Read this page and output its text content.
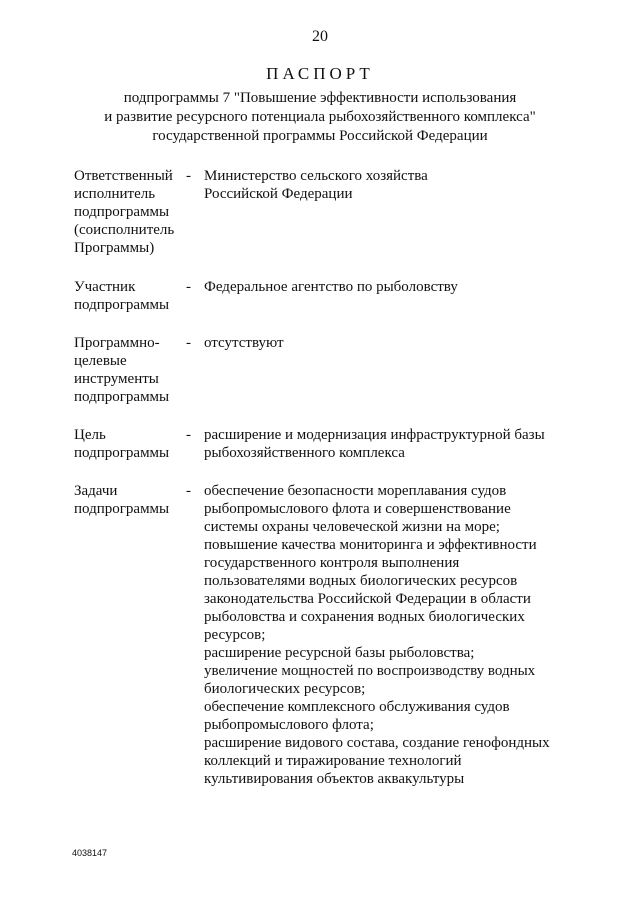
20
ПАСПОРТ
подпрограммы 7 "Повышение эффективности использования
и развитие ресурсного потенциала рыбохозяйственного комплекса"
государственной программы Российской Федерации
Ответственный
исполнитель
подпрограммы
(соисполнитель
Программы)
- Министерство сельского хозяйства
Российской Федерации
Участник
подпрограммы
- Федеральное агентство по рыболовству
Программно-
целевые
инструменты
подпрограммы
- отсутствуют
Цель
подпрограммы
- расширение и модернизация инфраструктурной базы
рыбохозяйственного комплекса
Задачи
подпрограммы
- обеспечение безопасности мореплавания судов
рыбопромыслового флота и совершенствование
системы охраны человеческой жизни на море;
повышение качества мониторинга и эффективности
государственного контроля выполнения
пользователями водных биологических ресурсов
законодательства Российской Федерации в области
рыболовства и сохранения водных биологических
ресурсов;
расширение ресурсной базы рыболовства;
увеличение мощностей по воспроизводству водных
биологических ресурсов;
обеспечение комплексного обслуживания судов
рыбопромыслового флота;
расширение видового состава, создание генофондных
коллекций и тиражирование технологий
культивирования объектов аквакультуры
4038147
